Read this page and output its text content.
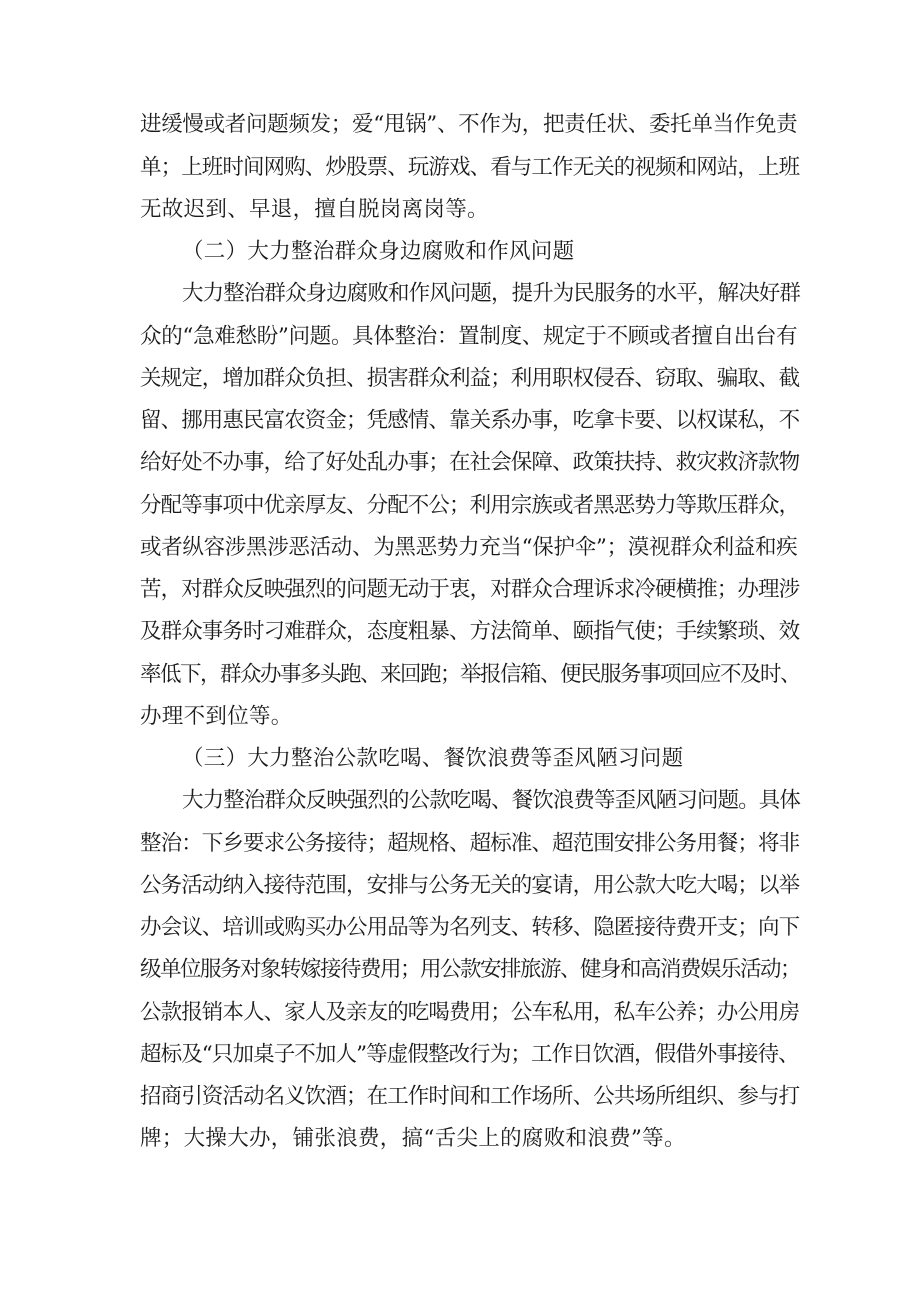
进缓慢或者问题频发；爱“甩锅”、不作为，把责任状、委托单当作免责
单；上班时间网购、炒股票、玩游戏、看与工作无关的视频和网站，上班
无故迟到、早退，擅自脱岗离岗等。
（二）大力整治群众身边腐败和作风问题
大力整治群众身边腐败和作风问题，提升为民服务的水平，解决好群
众的“急难愁盼”问题。具体整治：置制度、规定于不顾或者擅自出台有
关规定，增加群众负担、损害群众利益；利用职权侵吞、窃取、骗取、截
留、挪用惠民富农资金；凭感情、靠关系办事，吃拿卡要、以权谋私，不
给好处不办事，给了好处乱办事；在社会保障、政策扶持、救灾救济款物
分配等事项中优亲厚友、分配不公；利用宗族或者黑恶势力等欺压群众，
或者纵容涉黑涉恶活动、为黑恶势力充当“保护伞”；漠视群众利益和疾
苦，对群众反映强烈的问题无动于衷，对群众合理诉求冷硬横推；办理涉
及群众事务时刁难群众，态度粗暴、方法简单、颐指气使；手续繁琐、效
率低下，群众办事多头跑、来回跑；举报信箱、便民服务事项回应不及时、
办理不到位等。
（三）大力整治公款吃喝、餐饮浪费等歪风陋习问题
大力整治群众反映强烈的公款吃喝、餐饮浪费等歪风陋习问题。具体
整治：下乡要求公务接待；超规格、超标准、超范围安排公务用餐；将非
公务活动纳入接待范围，安排与公务无关的宴请，用公款大吃大喝；以举
办会议、培训或购买办公用品等为名列支、转移、隐匿接待费开支；向下
级单位服务对象转嫁接待费用；用公款安排旅游、健身和高消费娱乐活动；
公款报销本人、家人及亲友的吃喝费用；公车私用，私车公养；办公用房
超标及“只加桌子不加人”等虚假整改行为；工作日饮酒，假借外事接待、
招商引资活动名义饮酒；在工作时间和工作场所、公共场所组织、参与打
牌；大操大办，铺张浪费，搞“舌尖上的腐败和浪费”等。
